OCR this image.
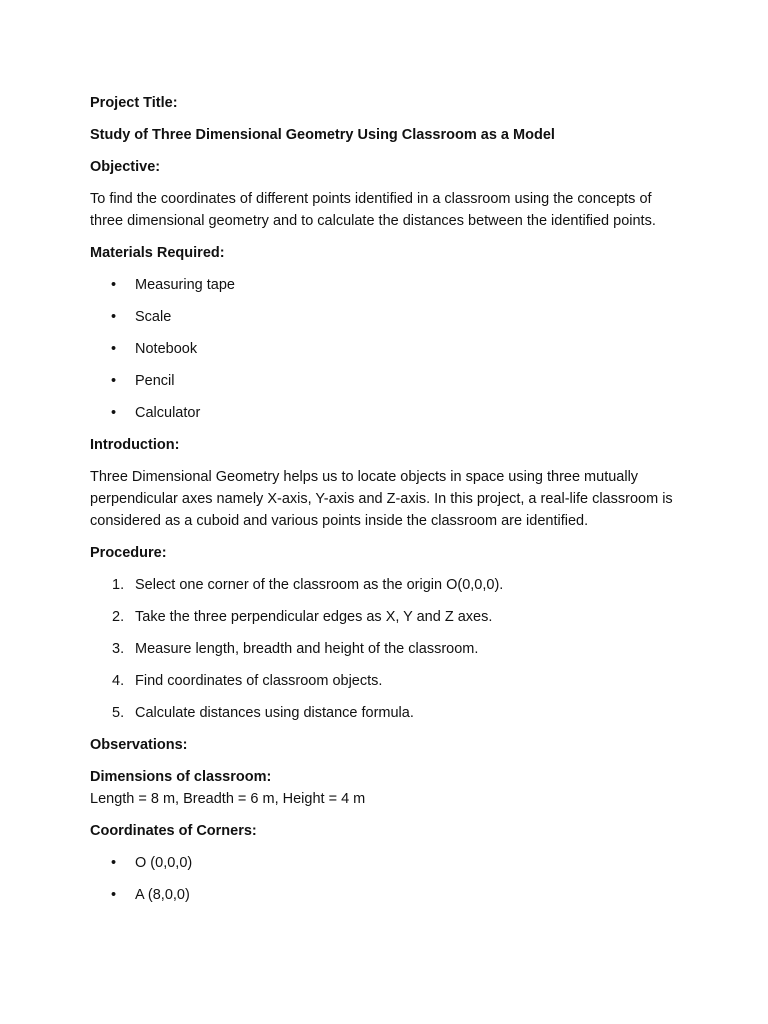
Project Title:

Study of Three Dimensional Geometry Using Classroom as a Model

Objective:

To find the coordinates of different points identified in a classroom using the concepts of three dimensional geometry and to calculate the distances between the identified points.

Materials Required:

• Measuring tape
• Scale
• Notebook
• Pencil
• Calculator

Introduction:

Three Dimensional Geometry helps us to locate objects in space using three mutually perpendicular axes namely X-axis, Y-axis and Z-axis. In this project, a real-life classroom is considered as a cuboid and various points inside the classroom are identified.

Procedure:

1. Select one corner of the classroom as the origin O(0,0,0).
2. Take the three perpendicular edges as X, Y and Z axes.
3. Measure length, breadth and height of the classroom.
4. Find coordinates of classroom objects.
5. Calculate distances using distance formula.

Observations:

Dimensions of classroom:

Length = 8 m, Breadth = 6 m, Height = 4 m

Coordinates of Corners:

• O (0,0,0)
• A (8,0,0)
